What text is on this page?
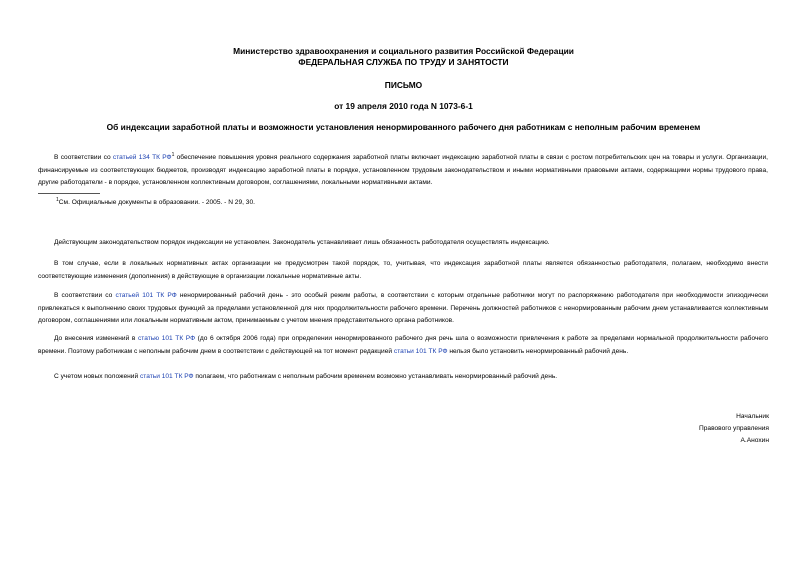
Министерство здравоохранения и социального развития Российской Федерации
ФЕДЕРАЛЬНАЯ СЛУЖБА ПО ТРУДУ И ЗАНЯТОСТИ
ПИСЬМО
от 19 апреля 2010 года N 1073-6-1
Об индексации заработной платы и возможности установления ненормированного рабочего дня работникам с неполным рабочим временем
В соответствии со статьей 134 ТК $РФ^1$ обеспечение повышения уровня реального содержания заработной платы включает индексацию заработной платы в связи с ростом потребительских цен на товары и услуги. Организации, финансируемые из соответствующих бюджетов, производят индексацию заработной платы в порядке, установленном трудовым законодательством и иными нормативными правовыми актами, содержащими нормы трудового права, другие работодатели - в порядке, установленном коллективным договором, соглашениями, локальными нормативными актами.
$^1$См. Официальные документы в образовании. - 2005. - N 29, 30.
Действующим законодательством порядок индексации не установлен. Законодатель устанавливает лишь обязанность работодателя осуществлять индексацию.
В том случае, если в локальных нормативных актах организации не предусмотрен такой порядок, то, учитывая, что индексация заработной платы является обязанностью работодателя, полагаем, необходимо внести соответствующие изменения (дополнения) в действующие в организации локальные нормативные акты.
В соответствии со статьей 101 ТК РФ ненормированный рабочий день - это особый режим работы, в соответствии с которым отдельные работники могут по распоряжению работодателя при необходимости эпизодически привлекаться к выполнению своих трудовых функций за пределами установленной для них продолжительности рабочего времени. Перечень должностей работников с ненормированным рабочим днем устанавливается коллективным договором, соглашениями или локальным нормативным актом, принимаемым с учетом мнения представительного органа работников.
До внесения изменений в статью 101 ТК РФ (до 6 октября 2006 года) при определении ненормированного рабочего дня речь шла о возможности привлечения к работе за пределами нормальной продолжительности рабочего времени. Поэтому работникам с неполным рабочим днем в соответствии с действующей на тот момент редакцией статьи 101 ТК РФ нельзя было установить ненормированный рабочий день.
С учетом новых положений статьи 101 ТК РФ полагаем, что работникам с неполным рабочим временем возможно устанавливать ненормированный рабочий день.
Начальник
Правового управления
А.Анохин
